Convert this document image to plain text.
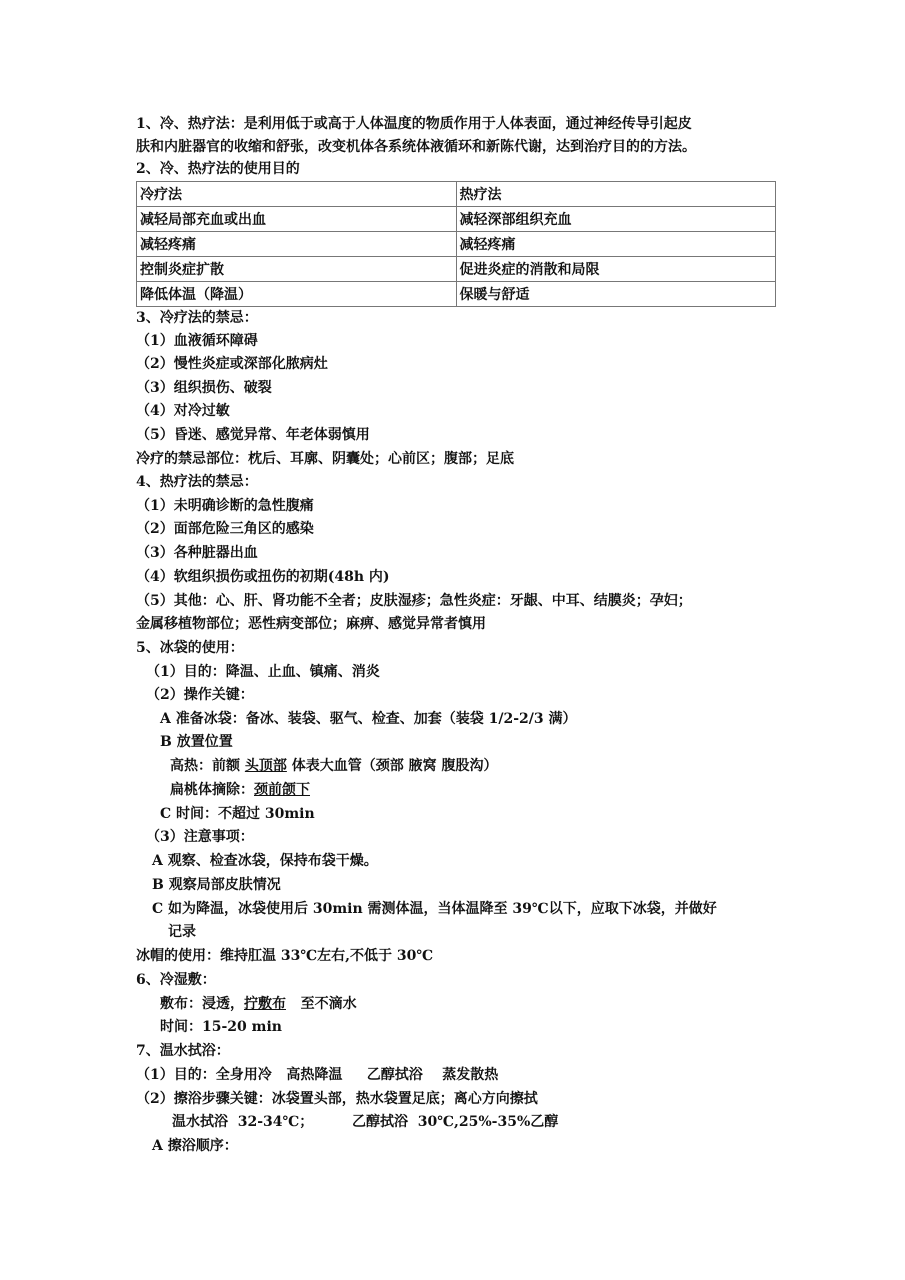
1、冷、热疗法：是利用低于或高于人体温度的物质作用于人体表面，通过神经传导引起皮
肤和内脏器官的收缩和舒张，改变机体各系统体液循环和新陈代谢，达到治疗目的的方法。
2、冷、热疗法的使用目的
冷疗法	热疗法
减轻局部充血或出血	减轻深部组织充血
减轻疼痛	减轻疼痛
控制炎症扩散	促进炎症的消散和局限
降低体温（降温）	保暖与舒适
3、冷疗法的禁忌：
（1）血液循环障碍
（2）慢性炎症或深部化脓病灶
（3）组织损伤、破裂
（4）对冷过敏
（5）昏迷、感觉异常、年老体弱慎用
冷疗的禁忌部位：枕后、耳廓、阴囊处；心前区；腹部；足底
4、热疗法的禁忌：
（1）未明确诊断的急性腹痛
（2）面部危险三角区的感染
（3）各种脏器出血
（4）软组织损伤或扭伤的初期(48h 内)
（5）其他：心、肝、肾功能不全者；皮肤湿疹；急性炎症：牙龈、中耳、结膜炎；孕妇；
金属移植物部位；恶性病变部位；麻痹、感觉异常者慎用
5、冰袋的使用：
（1）目的：降温、止血、镇痛、消炎
（2）操作关键：
A 准备冰袋：备冰、装袋、驱气、检查、加套（装袋 1/2-2/3 满）
B 放置位置
高热：前额 头顶部 体表大血管（颈部 腋窝 腹股沟）
扁桃体摘除：颈前颌下
C 时间：不超过 30min
（3）注意事项：
A 观察、检查冰袋，保持布袋干燥。
B 观察局部皮肤情况
C 如为降温，冰袋使用后 30min 需测体温，当体温降至 39℃以下，应取下冰袋，并做好
记录
冰帽的使用：维持肛温 33℃左右,不低于 30℃
6、冷湿敷：
敷布：浸透，拧敷布   至不滴水
时间：15-20 min
7、温水拭浴：
（1）目的：全身用冷   高热降温     乙醇拭浴    蒸发散热
（2）擦浴步骤关键：冰袋置头部，热水袋置足底；离心方向擦拭
温水拭浴  32-34℃；	乙醇拭浴  30℃,25%-35%乙醇
A 擦浴顺序：
